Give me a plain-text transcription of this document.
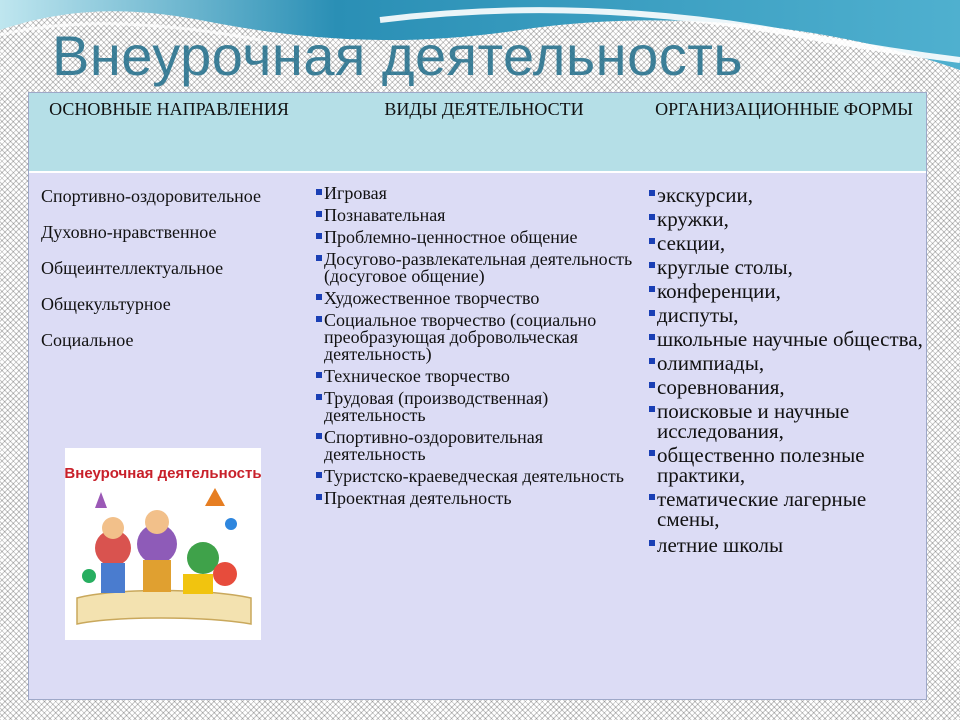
Внеурочная деятельность
ОСНОВНЫЕ НАПРАВЛЕНИЯ	ВИДЫ ДЕЯТЕЛЬНОСТИ	ОРГАНИЗАЦИОННЫЕ ФОРМЫ
Спортивно-оздоровительное
Духовно-нравственное
Общеинтеллектуальное
Общекультурное
Социальное
Игровая
Познавательная
Проблемно-ценностное общение
Досугово-развлекательная деятельность (досуговое общение)
Художественное творчество
Социальное творчество (социально преобразующая добровольческая деятельность)
Техническое творчество
Трудовая (производственная) деятельность
Спортивно-оздоровительная деятельность
Туристско-краеведческая деятельность
Проектная деятельность
экскурсии,
кружки,
секции,
круглые столы,
конференции,
диспуты,
школьные научные общества,
олимпиады,
соревнования,
поисковые и научные исследования,
общественно полезные практики,
тематические лагерные смены,
летние школы
Внеурочная деятельность
